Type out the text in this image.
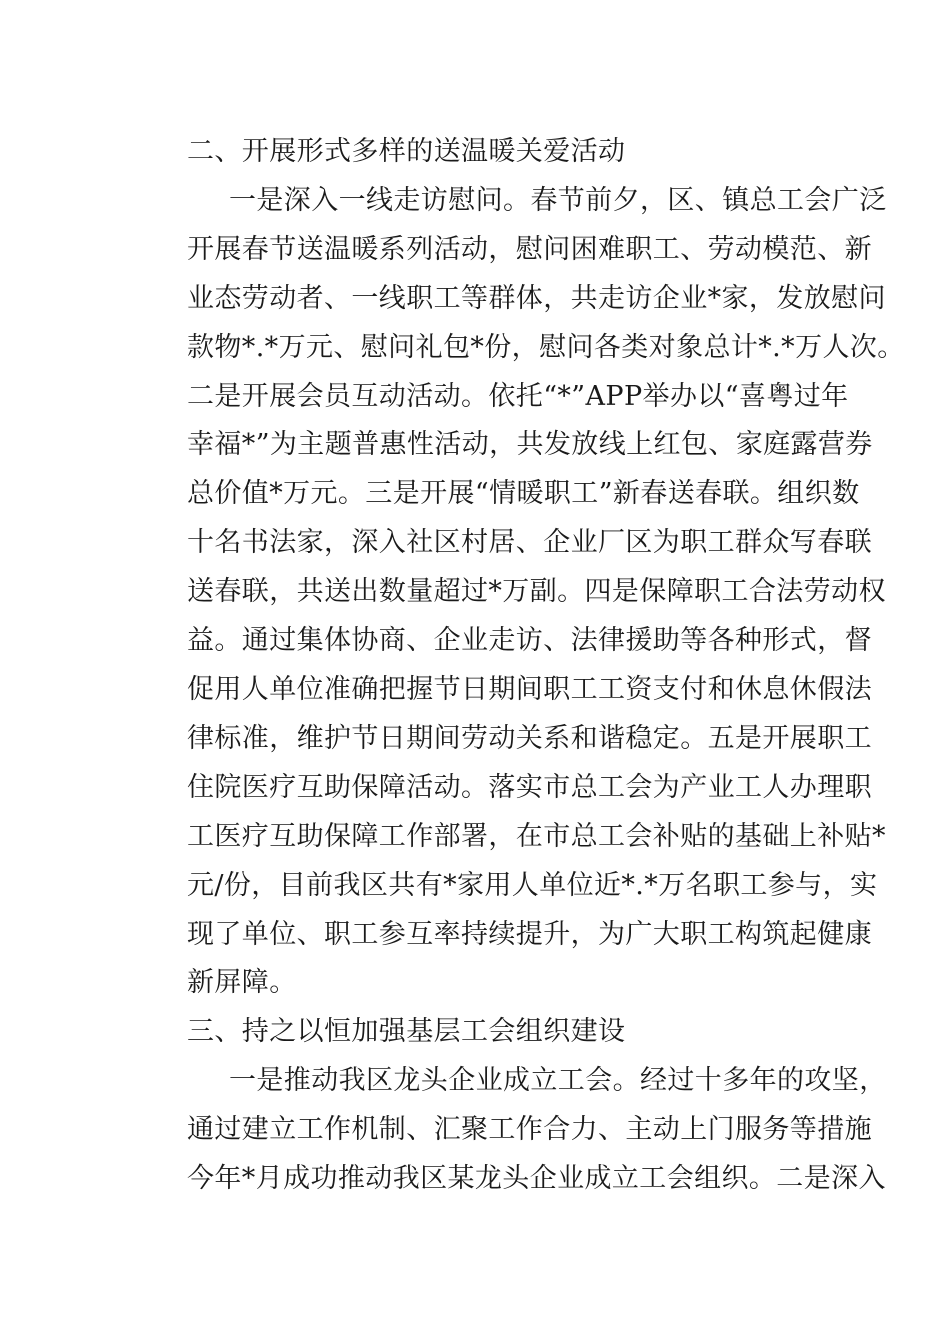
二、开展形式多样的送温暖关爱活动
一是深入一线走访慰问。春节前夕，区、镇总工会广泛
开展春节送温暖系列活动，慰问困难职工、劳动模范、新
业态劳动者、一线职工等群体，共走访企业*家，发放慰问
款物*.*万元、慰问礼包*份，慰问各类对象总计*.*万人次。
二是开展会员互动活动。依托“*”APP举办以“喜粤过年
幸福*”为主题普惠性活动，共发放线上红包、家庭露营券
总价值*万元。三是开展“情暖职工”新春送春联。组织数
十名书法家，深入社区村居、企业厂区为职工群众写春联
送春联，共送出数量超过*万副。四是保障职工合法劳动权
益。通过集体协商、企业走访、法律援助等各种形式，督
促用人单位准确把握节日期间职工工资支付和休息休假法
律标准，维护节日期间劳动关系和谐稳定。五是开展职工
住院医疗互助保障活动。落实市总工会为产业工人办理职
工医疗互助保障工作部署，在市总工会补贴的基础上补贴*
元/份，目前我区共有*家用人单位近*.*万名职工参与，实
现了单位、职工参互率持续提升，为广大职工构筑起健康
新屏障。
三、持之以恒加强基层工会组织建设
一是推动我区龙头企业成立工会。经过十多年的攻坚，
通过建立工作机制、汇聚工作合力、主动上门服务等措施
今年*月成功推动我区某龙头企业成立工会组织。二是深入
